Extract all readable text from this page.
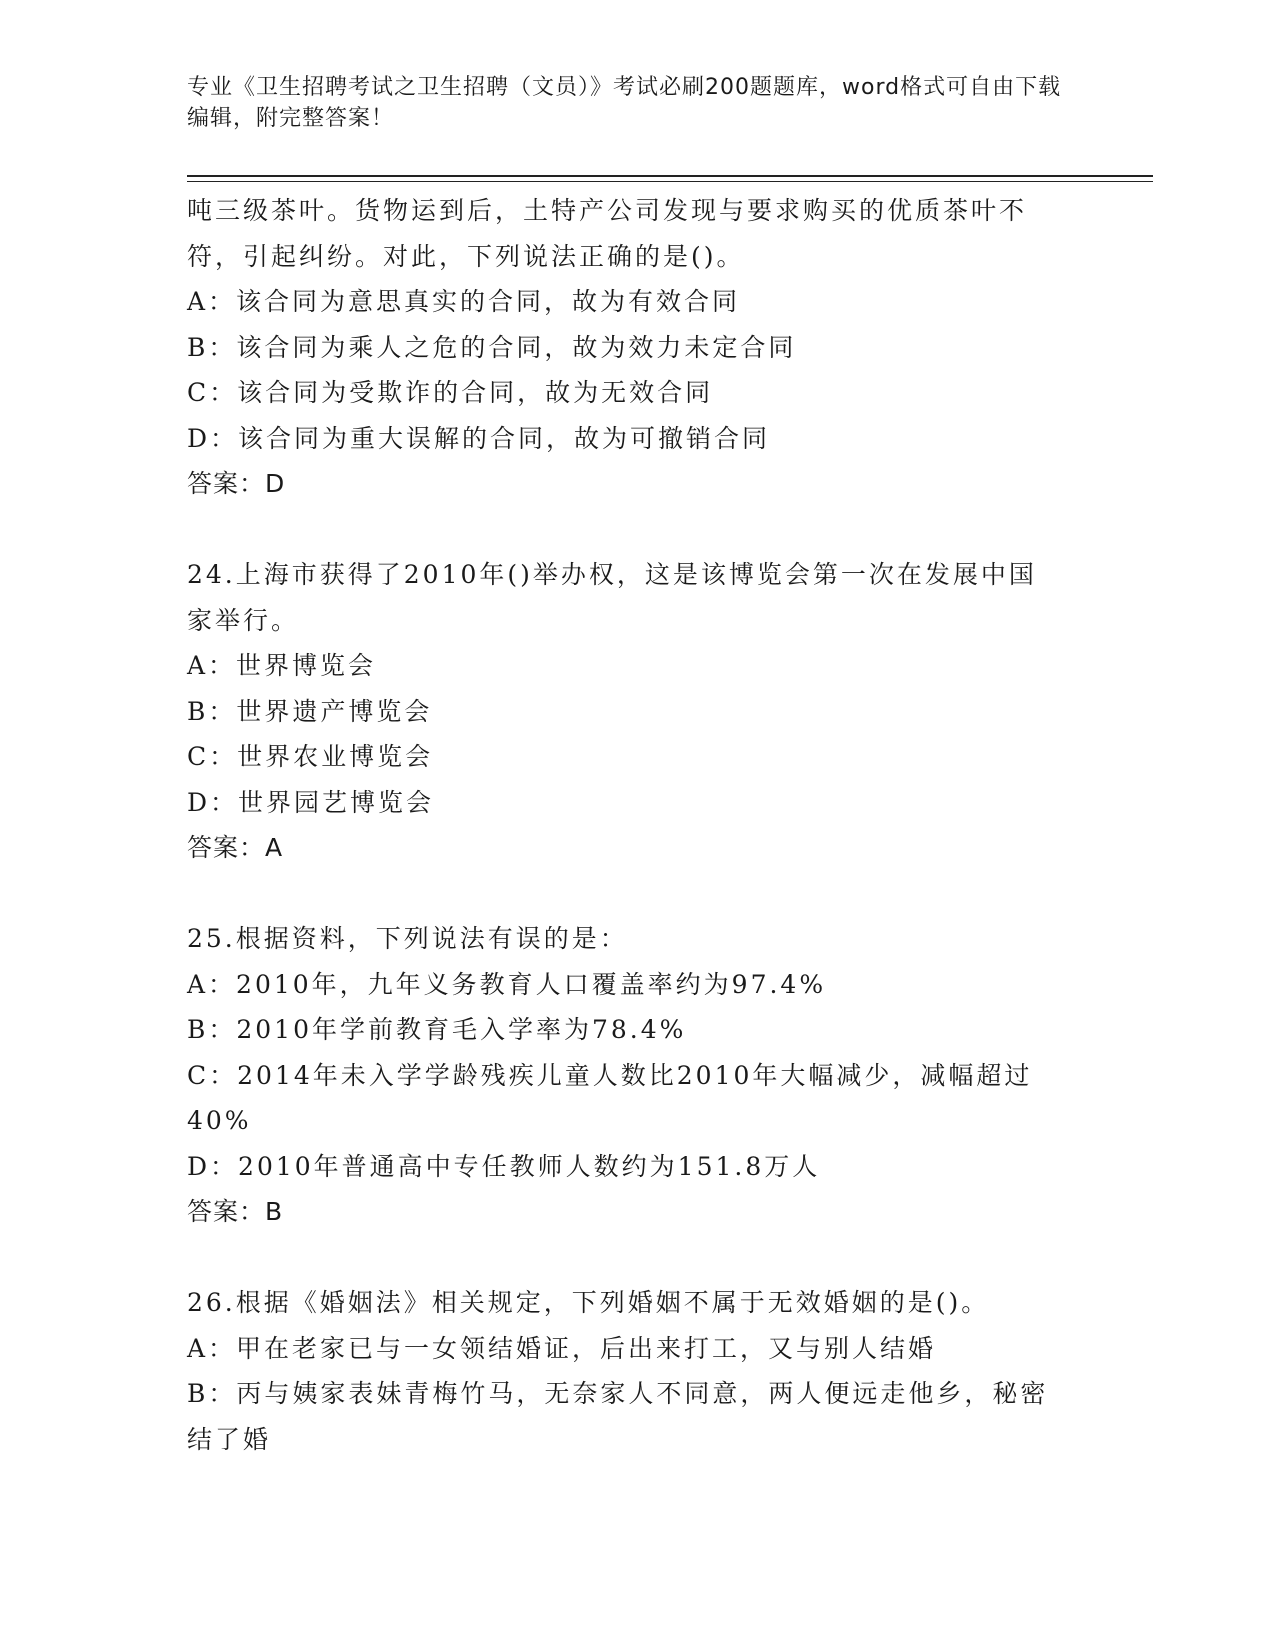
专业《卫生招聘考试之卫生招聘（文员）》考试必刷200题题库，word格式可自由下载编辑，附完整答案！

吨三级茶叶。货物运到后，土特产公司发现与要求购买的优质茶叶不

符，引起纠纷。对此，下列说法正确的是()。

A：该合同为意思真实的合同，故为有效合同

B：该合同为乘人之危的合同，故为效力未定合同

C：该合同为受欺诈的合同，故为无效合同

D：该合同为重大误解的合同，故为可撤销合同

答案：D

24.上海市获得了2010年()举办权，这是该博览会第一次在发展中国

家举行。

A：世界博览会

B：世界遗产博览会

C：世界农业博览会

D：世界园艺博览会

答案：A

25.根据资料，下列说法有误的是：

A：2010年，九年义务教育人口覆盖率约为97.4%

B：2010年学前教育毛入学率为78.4%

C：2014年未入学学龄残疾儿童人数比2010年大幅减少，减幅超过

40%

D：2010年普通高中专任教师人数约为151.8万人

答案：B

26.根据《婚姻法》相关规定，下列婚姻不属于无效婚姻的是()。

A：甲在老家已与一女领结婚证，后出来打工，又与别人结婚

B：丙与姨家表妹青梅竹马，无奈家人不同意，两人便远走他乡，秘密

结了婚
